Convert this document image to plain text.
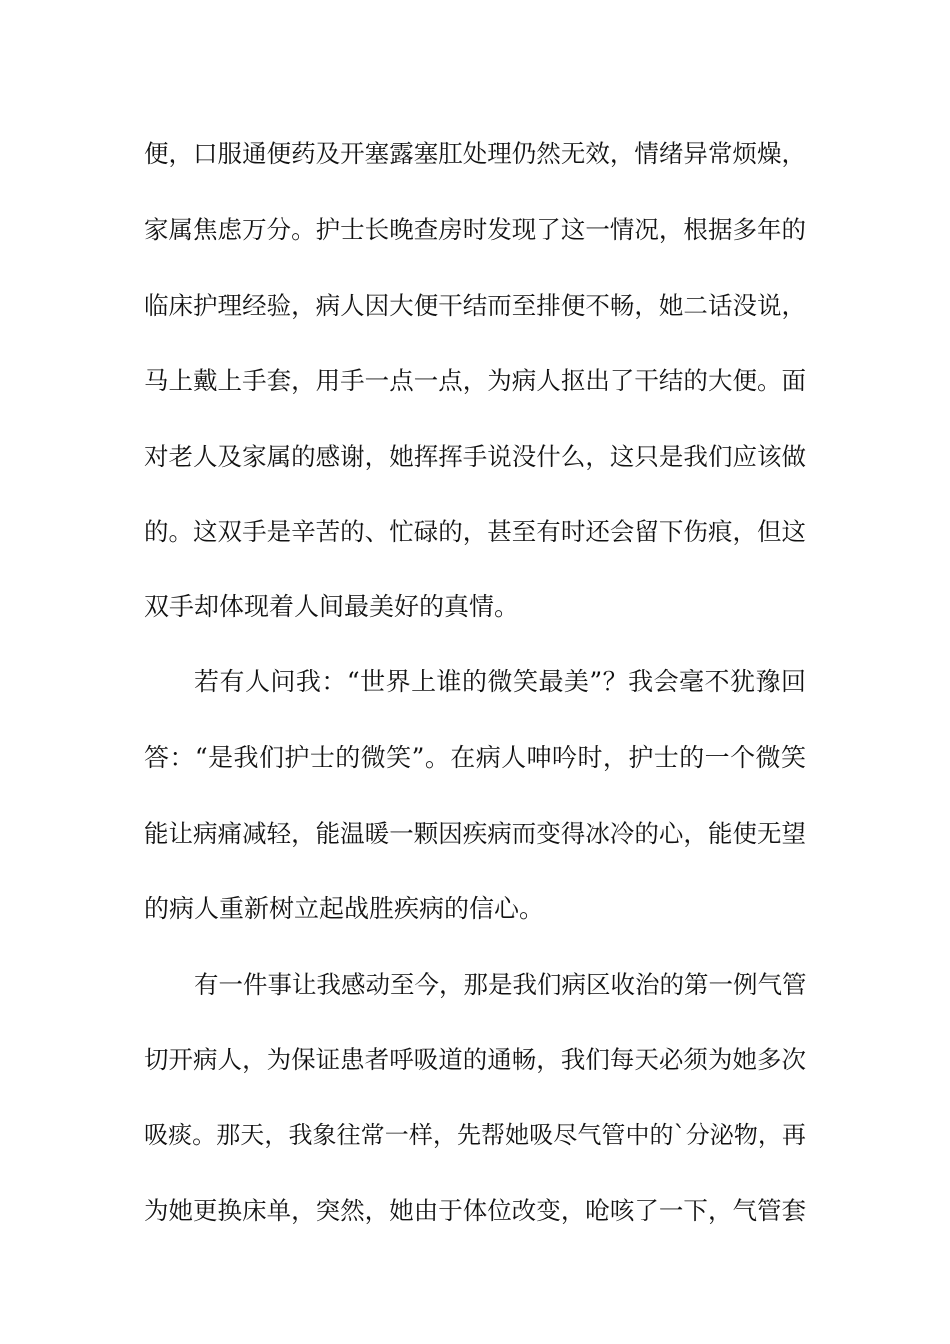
便，口服通便药及开塞露塞肛处理仍然无效，情绪异常烦燥，
家属焦虑万分。护士长晚查房时发现了这一情况，根据多年的
临床护理经验，病人因大便干结而至排便不畅，她二话没说，
马上戴上手套，用手一点一点，为病人抠出了干结的大便。面
对老人及家属的感谢，她挥挥手说没什么，这只是我们应该做
的。这双手是辛苦的、忙碌的，甚至有时还会留下伤痕，但这
双手却体现着人间最美好的真情。
若有人问我：“世界上谁的微笑最美”？我会毫不犹豫回
答：“是我们护士的微笑”。在病人呻吟时，护士的一个微笑
能让病痛减轻，能温暖一颗因疾病而变得冰冷的心，能使无望
的病人重新树立起战胜疾病的信心。
有一件事让我感动至今，那是我们病区收治的第一例气管
切开病人，为保证患者呼吸道的通畅，我们每天必须为她多次
吸痰。那天，我象往常一样，先帮她吸尽气管中的`分泌物，再
为她更换床单，突然，她由于体位改变，呛咳了一下，气管套
